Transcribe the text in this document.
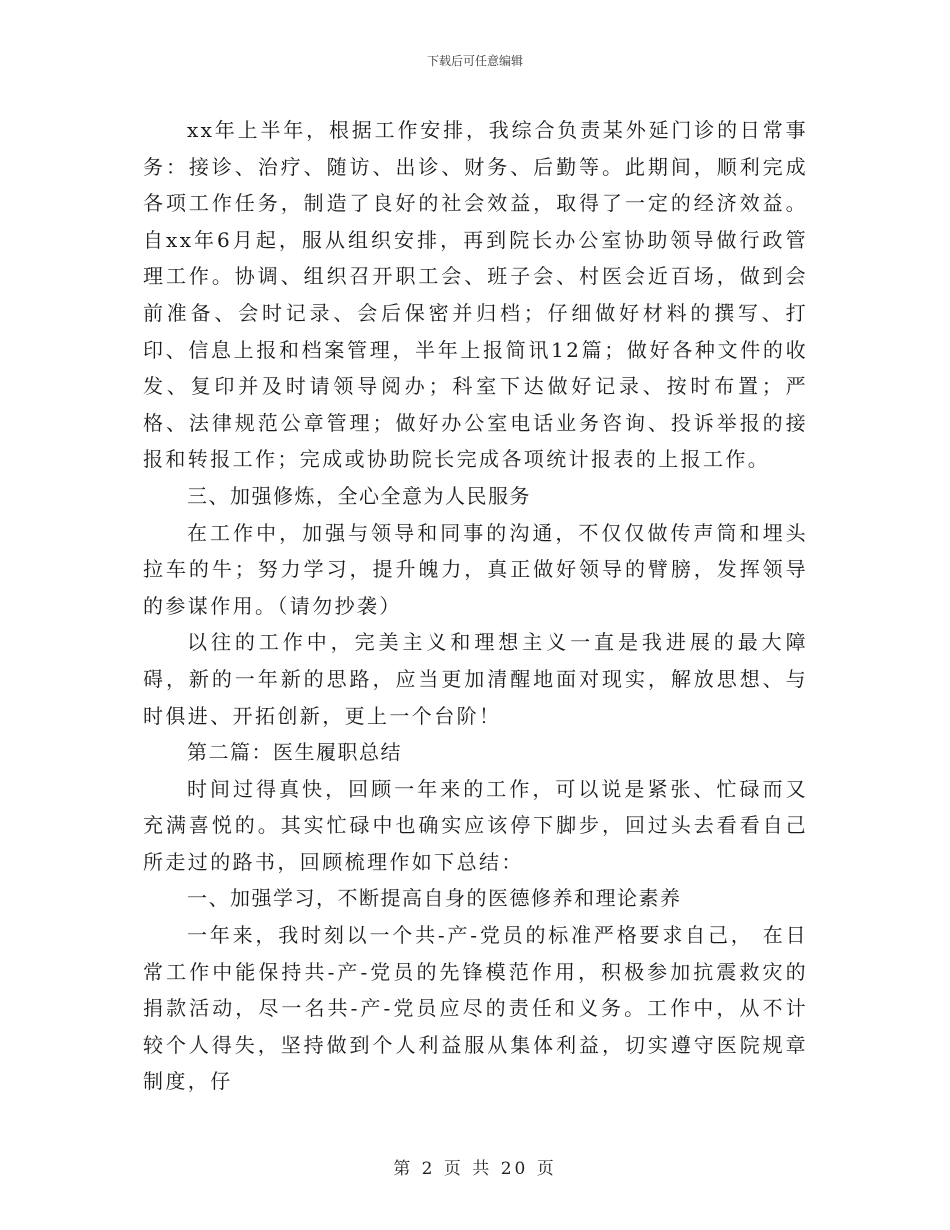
下载后可任意编辑

xx年上半年，根据工作安排，我综合负责某外延门诊的日常事务：接诊、治疗、随访、出诊、财务、后勤等。此期间，顺利完成各项工作任务，制造了良好的社会效益，取得了一定的经济效益。自xx年6月起，服从组织安排，再到院长办公室协助领导做行政管理工作。协调、组织召开职工会、班子会、村医会近百场，做到会前准备、会时记录、会后保密并归档；仔细做好材料的撰写、打印、信息上报和档案管理，半年上报简讯12篇；做好各种文件的收发、复印并及时请领导阅办；科室下达做好记录、按时布置；严格、法律规范公章管理；做好办公室电话业务咨询、投诉举报的接报和转报工作；完成或协助院长完成各项统计报表的上报工作。

三、加强修炼，全心全意为人民服务

在工作中，加强与领导和同事的沟通，不仅仅做传声筒和埋头拉车的牛；努力学习，提升魄力，真正做好领导的臂膀，发挥领导的参谋作用。（请勿抄袭）

以往的工作中，完美主义和理想主义一直是我进展的最大障碍，新的一年新的思路，应当更加清醒地面对现实，解放思想、与时俱进、开拓创新，更上一个台阶！

第二篇：医生履职总结

时间过得真快，回顾一年来的工作，可以说是紧张、忙碌而又充满喜悦的。其实忙碌中也确实应该停下脚步，回过头去看看自己所走过的路书，回顾梳理作如下总结：

一、加强学习，不断提高自身的医德修养和理论素养

一年来，我时刻以一个共-产-党员的标准严格要求自己， 在日常工作中能保持共-产-党员的先锋模范作用，积极参加抗震救灾的捐款活动，尽一名共-产-党员应尽的责任和义务。工作中，从不计较个人得失，坚持做到个人利益服从集体利益，切实遵守医院规章制度，仔

第 2 页 共 20 页
